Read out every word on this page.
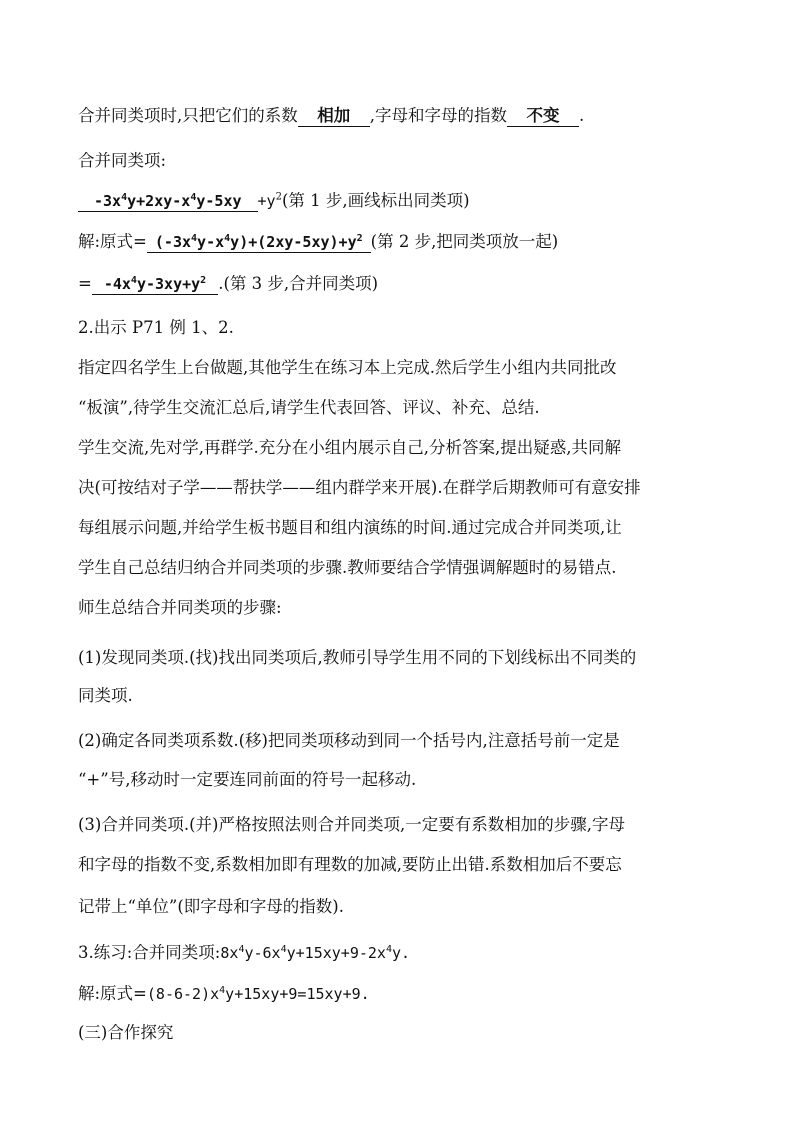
合并同类项时,只把它们的系数 相加 ,字母和字母的指数 不变 .
合并同类项:
$-3x^4y+2xy-x^4y-5xy +y^2$(第 1 步,画线标出同类项)
解:原式= $(-3x^4y-x^4y)+(2xy-5xy)+y^2$ (第 2 步,把同类项放一起)
= $-4x^4y-3xy+y^2$ .(第 3 步,合并同类项)
2.出示 P71 例 1、2.
指定四名学生上台做题,其他学生在练习本上完成.然后学生小组内共同批改
“板演”,待学生交流汇总后,请学生代表回答、评议、补充、总结.
学生交流,先对学,再群学.充分在小组内展示自己,分析答案,提出疑惑,共同解
决(可按结对子学——帮扶学——组内群学来开展).在群学后期教师可有意安排
每组展示问题,并给学生板书题目和组内演练的时间.通过完成合并同类项,让
学生自己总结归纳合并同类项的步骤.教师要结合学情强调解题时的易错点.
师生总结合并同类项的步骤:
(1)发现同类项.(找)找出同类项后,教师引导学生用不同的下划线标出不同类的
同类项.
(2)确定各同类项系数.(移)把同类项移动到同一个括号内,注意括号前一定是
“+”号,移动时一定要连同前面的符号一起移动.
(3)合并同类项.(并)严格按照法则合并同类项,一定要有系数相加的步骤,字母
和字母的指数不变,系数相加即有理数的加减,要防止出错.系数相加后不要忘
记带上“单位”(即字母和字母的指数).
3.练习:合并同类项$:8x^4y-6x^4y+15xy+9-2x^4y$.
解:原式$=(8-6-2)x^4y+15xy+9=15xy+9$.
(三)合作探究
